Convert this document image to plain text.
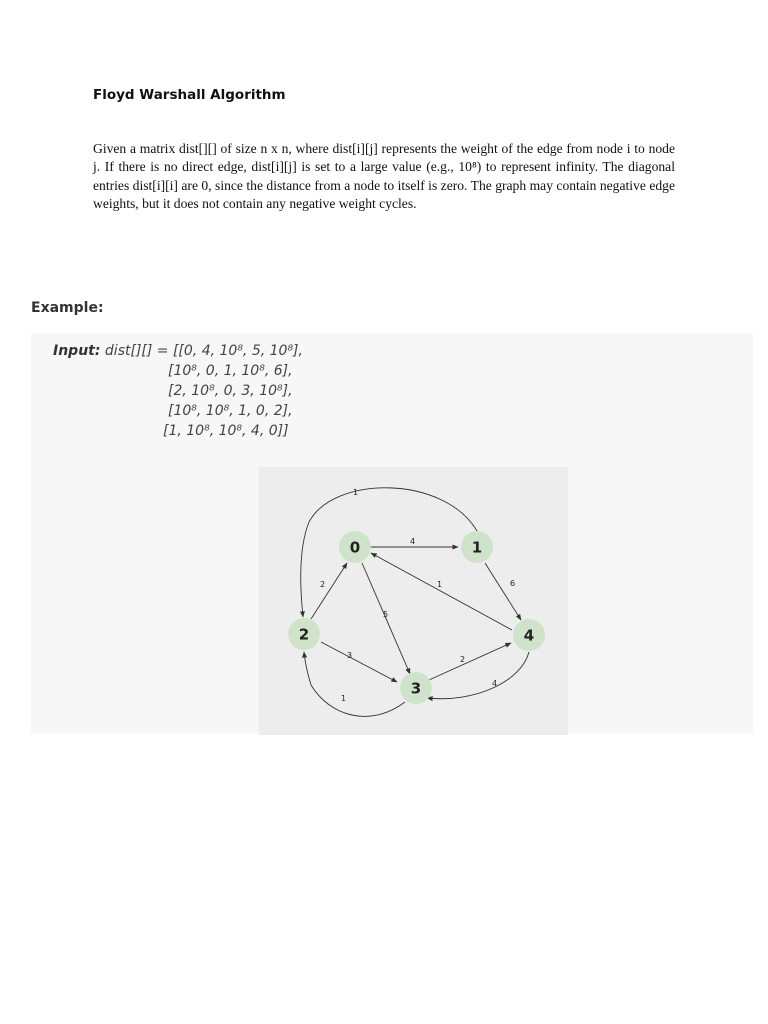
Floyd Warshall Algorithm

Given a matrix dist[][] of size n x n, where dist[i][j] represents the weight of the edge from node i to node j. If there is no direct edge, dist[i][j] is set to a large value (e.g., 10⁸) to represent infinity. The diagonal entries dist[i][i] are 0, since the distance from a node to itself is zero. The graph may contain negative edge weights, but it does not contain any negative weight cycles.

Example:
Input: dist[][] = [[0, 4, 10⁸, 5, 10⁸],
[10⁸, 0, 1, 10⁸, 6],
[2, 10⁸, 0, 3, 10⁸],
[10⁸, 10⁸, 1, 0, 2],
[1, 10⁸, 10⁸, 4, 0]]
4
5
1
6
2
3
1
2
1
4
0	1
2
3
4
